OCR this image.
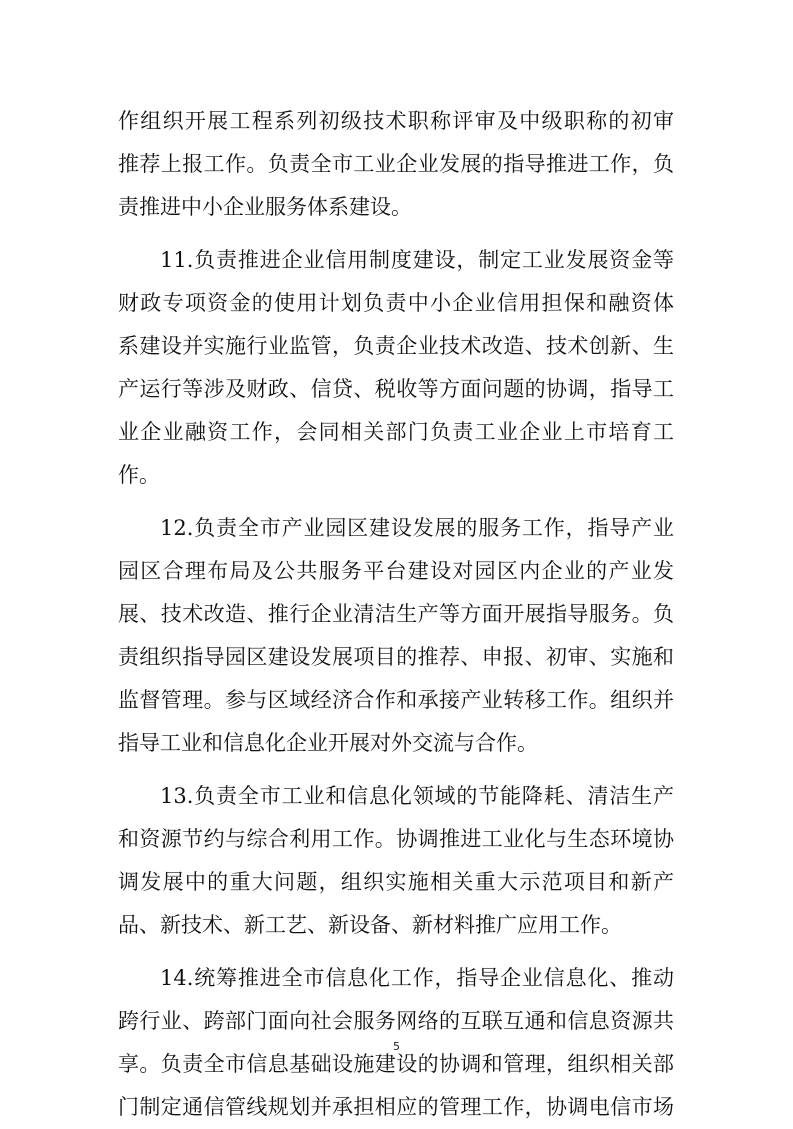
作组织开展工程系列初级技术职称评审及中级职称的初审
推荐上报工作。负责全市工业企业发展的指导推进工作，负
责推进中小企业服务体系建设。
11.负责推进企业信用制度建设，制定工业发展资金等
财政专项资金的使用计划负责中小企业信用担保和融资体
系建设并实施行业监管，负责企业技术改造、技术创新、生
产运行等涉及财政、信贷、税收等方面问题的协调，指导工
业企业融资工作，会同相关部门负责工业企业上市培育工
作。
12.负责全市产业园区建设发展的服务工作，指导产业
园区合理布局及公共服务平台建设对园区内企业的产业发
展、技术改造、推行企业清洁生产等方面开展指导服务。负
责组织指导园区建设发展项目的推荐、申报、初审、实施和
监督管理。参与区域经济合作和承接产业转移工作。组织并
指导工业和信息化企业开展对外交流与合作。
13.负责全市工业和信息化领域的节能降耗、清洁生产
和资源节约与综合利用工作。协调推进工业化与生态环境协
调发展中的重大问题，组织实施相关重大示范项目和新产
品、新技术、新工艺、新设备、新材料推广应用工作。
14.统筹推进全市信息化工作，指导企业信息化、推动
跨行业、跨部门面向社会服务网络的互联互通和信息资源共
享。负责全市信息基础设施建设的协调和管理，组织相关部
门制定通信管线规划并承担相应的管理工作，协调电信市场
5
